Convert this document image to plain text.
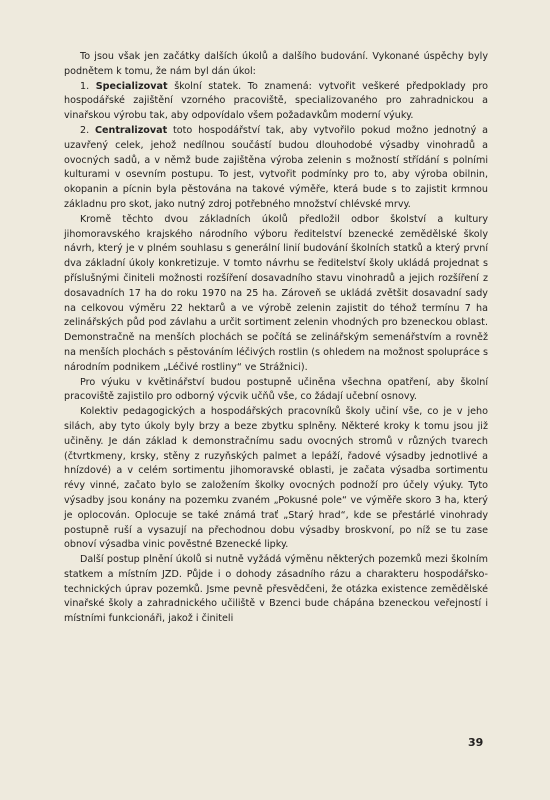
To jsou však jen začátky dalších úkolů a dalšího budování. Vykonané úspěchy byly podnětem k tomu, že nám byl dán úkol:

1. Specializovat školní statek. To znamená: vytvořit veškeré předpoklady pro hospodářské zajištění vzorného pracoviště, specializovaného pro zahradnickou a vinařskou výrobu tak, aby odpovídalo všem požadavkům moderní výuky.

2. Centralizovat toto hospodářství tak, aby vytvořilo pokud možno jednotný a uzavřený celek, jehož nedílnou součástí budou dlouhodobé výsadby vinohradů a ovocných sadů, a v němž bude zajištěna výroba zelenin s možností střídání s polními kulturami v osevním postupu. To jest, vytvořit podmínky pro to, aby výroba obilnin, okopanin a pícnin byla pěstována na takové výměře, která bude s to zajistit krmnou základnu pro skot, jako nutný zdroj potřebného množství chlévské mrvy.

Kromě těchto dvou základních úkolů předložil odbor školství a kultury jihomoravského krajského národního výboru ředitelství bzenecké zemědělské školy návrh, který je v plném souhlasu s generální linií budování školních statků a který první dva základní úkoly konkretizuje. V tomto návrhu se ředitelství školy ukládá projednat s příslušnými činiteli možnosti rozšíření dosavadního stavu vinohradů a jejich rozšíření z dosavadních 17 ha do roku 1970 na 25 ha. Zároveň se ukládá zvětšit dosavadní sady na celkovou výměru 22 hektarů a ve výrobě zelenin zajistit do téhož termínu 7 ha zelinářských půd pod závlahu a určit sortiment zelenin vhodných pro bzeneckou oblast. Demonstračně na menších plochách se počítá se zelinářským semenářstvím a rovněž na menších plochách s pěstováním léčivých rostlin (s ohledem na možnost spolupráce s národním podnikem „Léčivé rostliny“ ve Strážnici).

Pro výuku v květinářství budou postupně učiněna všechna opatření, aby školní pracoviště zajistilo pro odborný výcvik učňů vše, co žádají učební osnovy.

Kolektiv pedagogických a hospodářských pracovníků školy učiní vše, co je v jeho silách, aby tyto úkoly byly brzy a beze zbytku splněny. Některé kroky k tomu jsou již učiněny. Je dán základ k demonstračnímu sadu ovocných stromů v různých tvarech (čtvrtkmeny, krsky, stěny z ruzyňských palmet a lepáží, řadové výsadby jednotlivé a hnízdové) a v celém sortimentu jihomoravské oblasti, je začata výsadba sortimentu révy vinné, začato bylo se založením školky ovocných podnoží pro účely výuky. Tyto výsadby jsou konány na pozemku zvaném „Pokusné pole“ ve výměře skoro 3 ha, který je oplocován. Oplocuje se také známá trať „Starý hrad“, kde se přestárlé vinohrady postupně ruší a vysazují na přechodnou dobu výsadby broskvoní, po níž se tu zase obnoví výsadba vinic pověstné Bzenecké lipky.

Další postup plnění úkolů si nutně vyžádá výměnu některých pozemků mezi školním statkem a místním JZD. Půjde i o dohody zásadního rázu a charakteru hospodářsko-technických úprav pozemků. Jsme pevně přesvědčeni, že otázka existence zemědělské vinařské školy a zahradnického učiliště v Bzenci bude chápána bzeneckou veřejností i místními funkcionáři, jakož i činiteli

39
